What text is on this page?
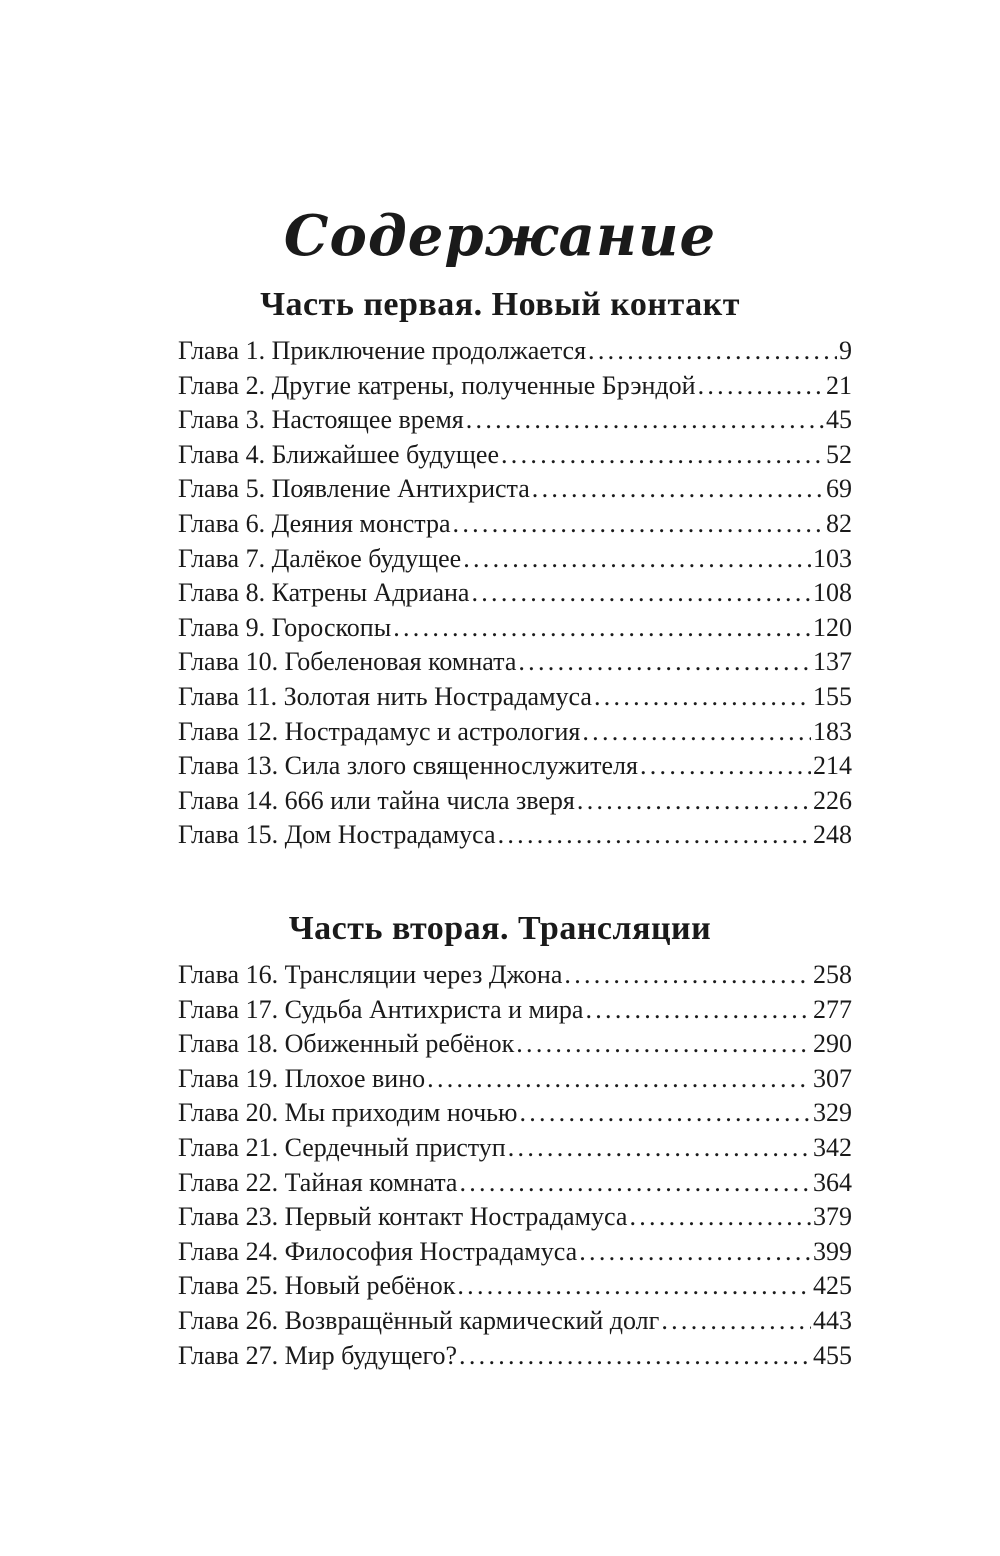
Содержание
Часть первая. Новый контакт
Глава 1. Приключение продолжается . . .	9
Глава 2. Другие катрены, полученные Брэндой . . .	21
Глава 3. Настоящее время . . .	45
Глава 4. Ближайшее будущее . . .	52
Глава 5. Появление Антихриста . . .	69
Глава 6. Деяния монстра . . .	82
Глава 7. Далёкое будущее . . .	103
Глава 8. Катрены Адриана . . .	108
Глава 9. Гороскопы . . .	120
Глава 10. Гобеленовая комната . . .	137
Глава 11. Золотая нить Нострадамуса . . .	155
Глава 12. Нострадамус и астрология . . .	183
Глава 13. Сила злого священнослужителя . . .	214
Глава 14. 666 или тайна числа зверя . . .	226
Глава 15. Дом Нострадамуса . . .	248
Часть вторая. Трансляции
Глава 16. Трансляции через Джона . . .	258
Глава 17. Судьба Антихриста и мира . . .	277
Глава 18. Обиженный ребёнок . . .	290
Глава 19. Плохое вино . . .	307
Глава 20. Мы приходим ночью . . .	329
Глава 21. Сердечный приступ . . .	342
Глава 22. Тайная комната . . .	364
Глава 23. Первый контакт Нострадамуса . . .	379
Глава 24. Философия Нострадамуса . . .	399
Глава 25. Новый ребёнок . . .	425
Глава 26. Возвращённый кармический долг . . .	443
Глава 27. Мир будущего? . . .	455
